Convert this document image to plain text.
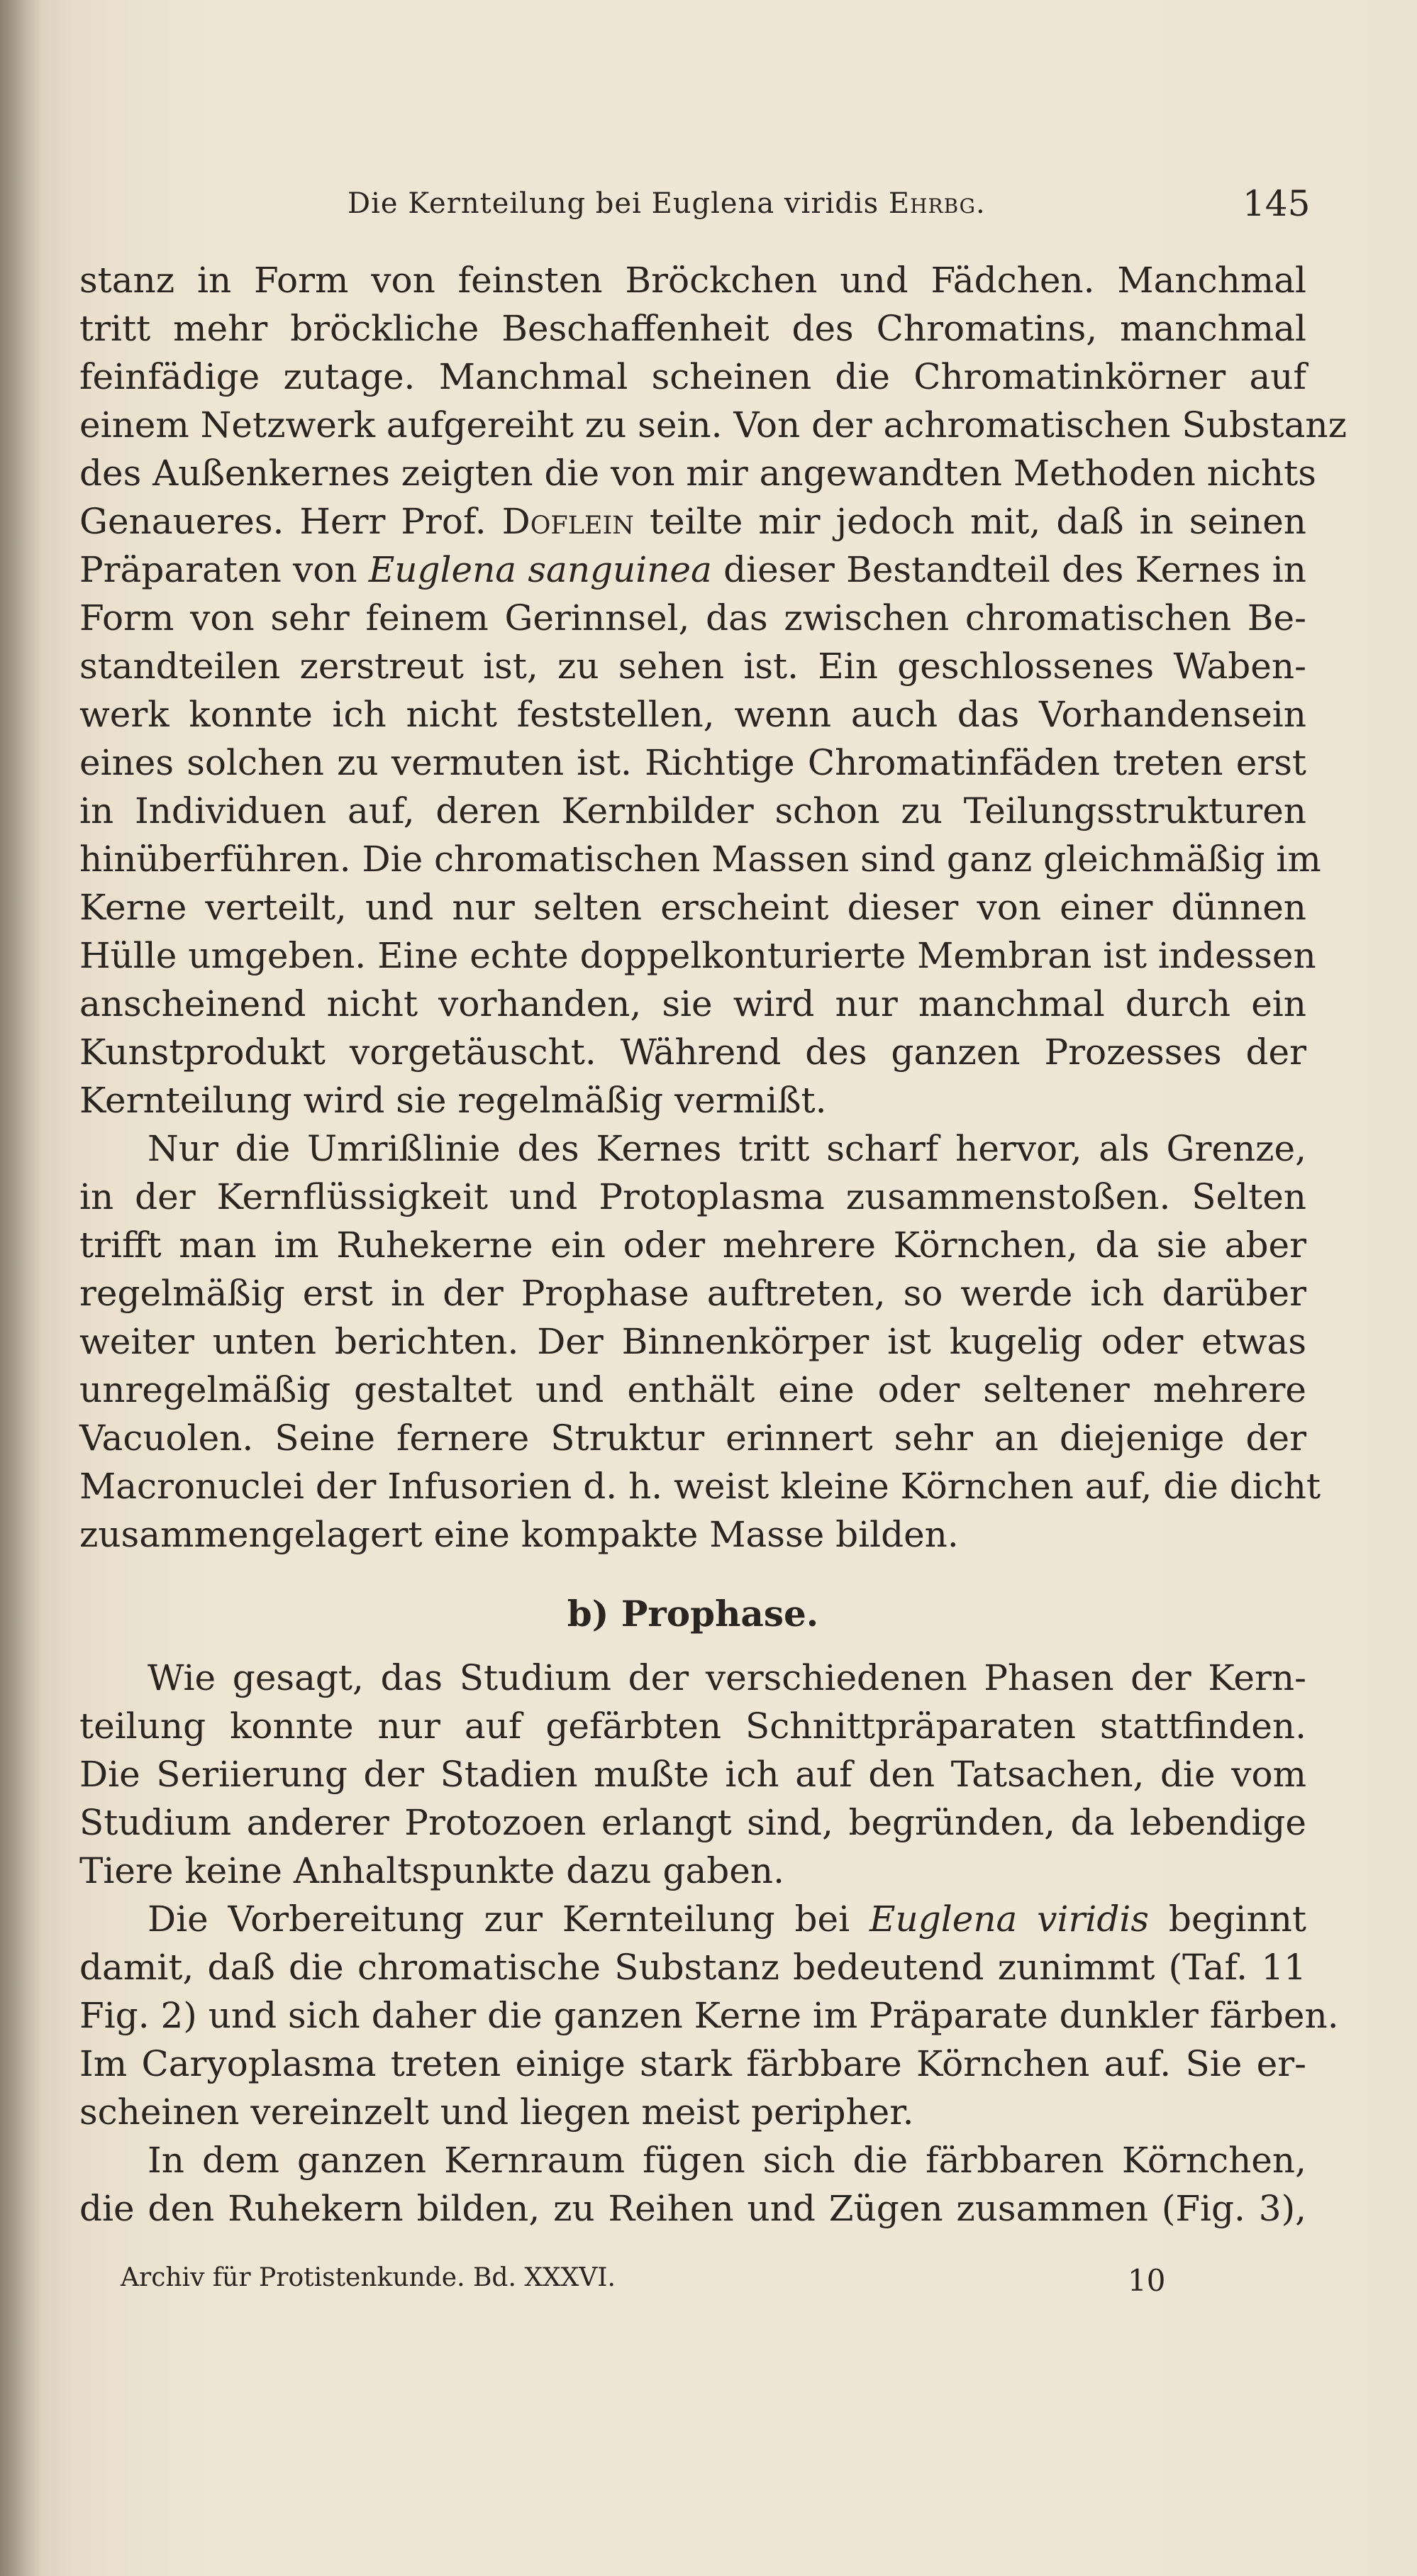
Die Kernteilung bei Euglena viridis Ehrbg.	145
stanz in Form von feinsten Bröckchen und Fädchen. Manchmal
tritt mehr bröckliche Beschaffenheit des Chromatins, manchmal
feinfädige zutage. Manchmal scheinen die Chromatinkörner auf
einem Netzwerk aufgereiht zu sein. Von der achromatischen Substanz
des Außenkernes zeigten die von mir angewandten Methoden nichts
Genaueres. Herr Prof. Doflein teilte mir jedoch mit, daß in seinen
Präparaten von Euglena sanguinea dieser Bestandteil des Kernes in
Form von sehr feinem Gerinnsel, das zwischen chromatischen Be-
standteilen zerstreut ist, zu sehen ist. Ein geschlossenes Waben-
werk konnte ich nicht feststellen, wenn auch das Vorhandensein
eines solchen zu vermuten ist. Richtige Chromatinfäden treten erst
in Individuen auf, deren Kernbilder schon zu Teilungsstrukturen
hinüberführen. Die chromatischen Massen sind ganz gleichmäßig im
Kerne verteilt, und nur selten erscheint dieser von einer dünnen
Hülle umgeben. Eine echte doppelkonturierte Membran ist indessen
anscheinend nicht vorhanden, sie wird nur manchmal durch ein
Kunstprodukt vorgetäuscht. Während des ganzen Prozesses der
Kernteilung wird sie regelmäßig vermißt.
Nur die Umrißlinie des Kernes tritt scharf hervor, als Grenze,
in der Kernflüssigkeit und Protoplasma zusammenstoßen. Selten
trifft man im Ruhekerne ein oder mehrere Körnchen, da sie aber
regelmäßig erst in der Prophase auftreten, so werde ich darüber
weiter unten berichten. Der Binnenkörper ist kugelig oder etwas
unregelmäßig gestaltet und enthält eine oder seltener mehrere
Vacuolen. Seine fernere Struktur erinnert sehr an diejenige der
Macronuclei der Infusorien d. h. weist kleine Körnchen auf, die dicht
zusammengelagert eine kompakte Masse bilden.
b) Prophase.
Wie gesagt, das Studium der verschiedenen Phasen der Kern-
teilung konnte nur auf gefärbten Schnittpräparaten stattfinden.
Die Seriierung der Stadien mußte ich auf den Tatsachen, die vom
Studium anderer Protozoen erlangt sind, begründen, da lebendige
Tiere keine Anhaltspunkte dazu gaben.
Die Vorbereitung zur Kernteilung bei Euglena viridis beginnt
damit, daß die chromatische Substanz bedeutend zunimmt (Taf. 11
Fig. 2) und sich daher die ganzen Kerne im Präparate dunkler färben.
Im Caryoplasma treten einige stark färbbare Körnchen auf. Sie er-
scheinen vereinzelt und liegen meist peripher.
In dem ganzen Kernraum fügen sich die färbbaren Körnchen,
die den Ruhekern bilden, zu Reihen und Zügen zusammen (Fig. 3),
Archiv für Protistenkunde. Bd. XXXVI.	10
